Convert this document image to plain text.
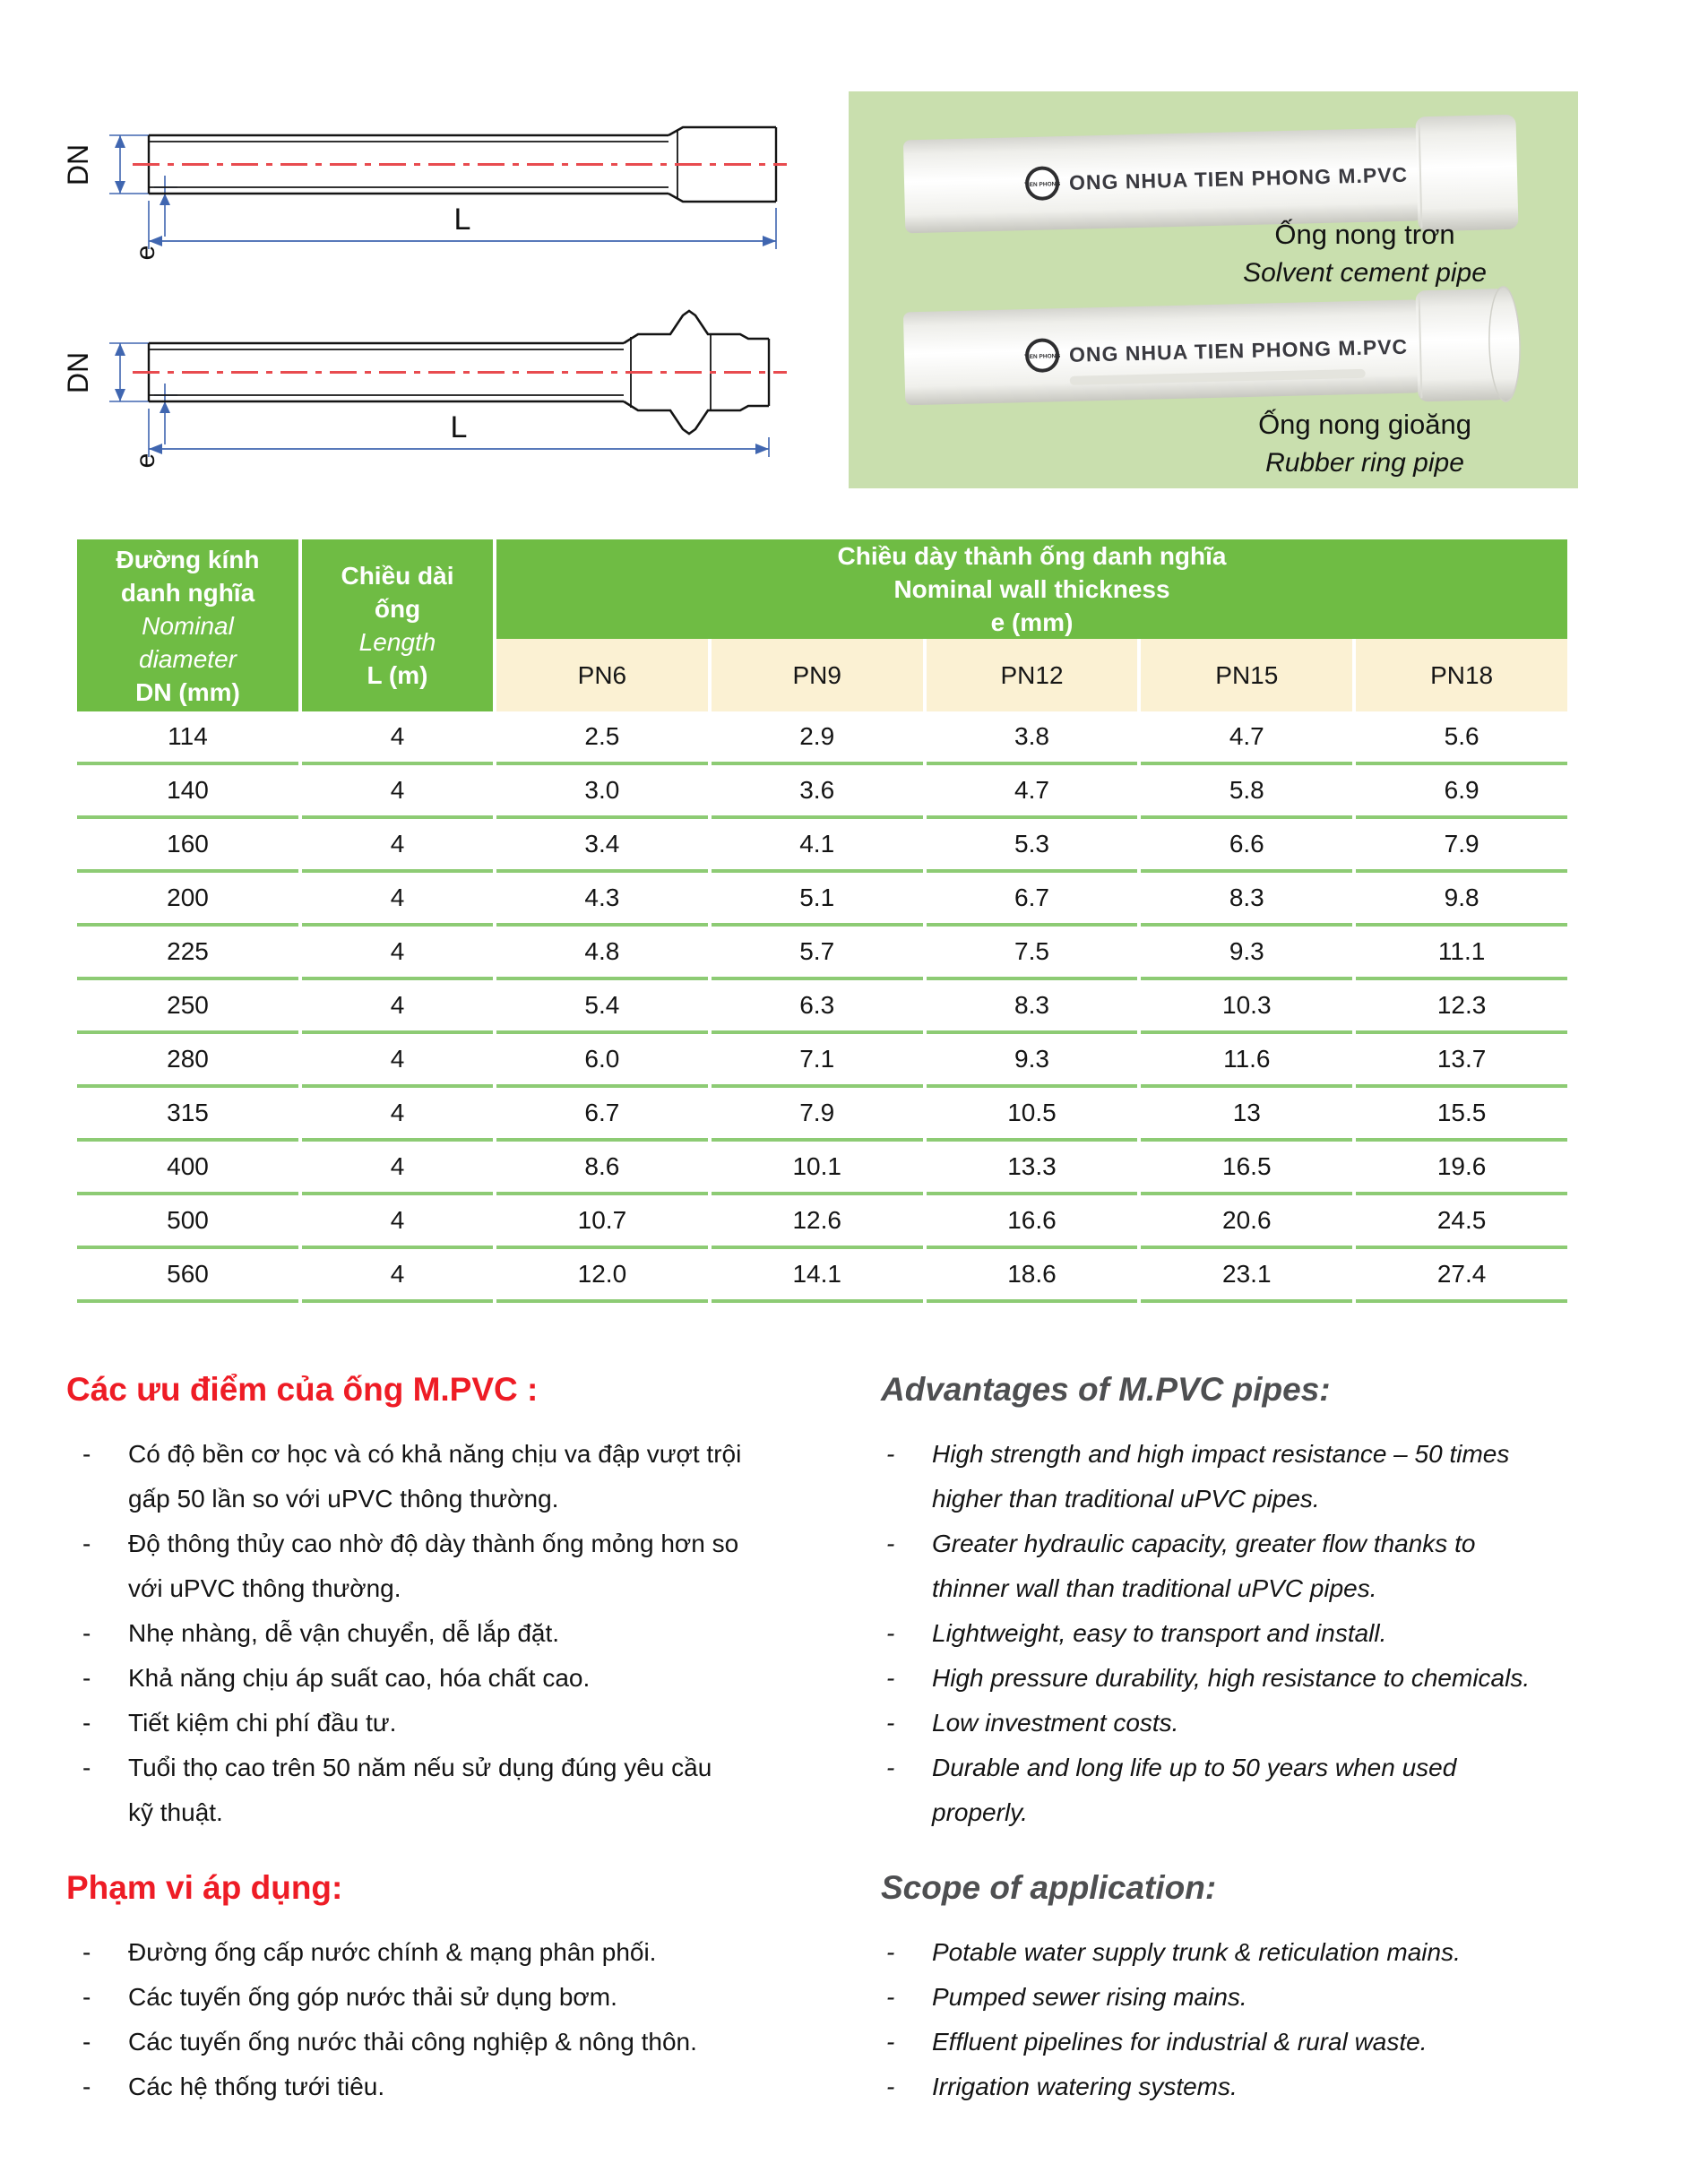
DN
e
L
DN
e
L
TIEN PHONG ONG NHUA TIEN PHONG M.PVC
Ống nong trơn
Solvent cement pipe
TIEN PHONG ONG NHUA TIEN PHONG M.PVC
Ống nong gioăng
Rubber ring pipe
Đường kính danh nghĩa
Nominal diameter
DN (mm)
Chiều dài ống
Length
L (m)
Chiều dày thành ống danh nghĩa
Nominal wall thickness
e (mm)
PN6	PN9	PN12	PN15	PN18
114	4	2.5	2.9	3.8	4.7	5.6
140	4	3.0	3.6	4.7	5.8	6.9
160	4	3.4	4.1	5.3	6.6	7.9
200	4	4.3	5.1	6.7	8.3	9.8
225	4	4.8	5.7	7.5	9.3	11.1
250	4	5.4	6.3	8.3	10.3	12.3
280	4	6.0	7.1	9.3	11.6	13.7
315	4	6.7	7.9	10.5	13	15.5
400	4	8.6	10.1	13.3	16.5	19.6
500	4	10.7	12.6	16.6	20.6	24.5
560	4	12.0	14.1	18.6	23.1	27.4
Các ưu điểm của ống M.PVC :
- Có độ bền cơ học và có khả năng chịu va đập vượt trội gấp 50 lần so với uPVC thông thường.
- Độ thông thủy cao nhờ độ dày thành ống mỏng hơn so với uPVC thông thường.
- Nhẹ nhàng, dễ vận chuyển, dễ lắp đặt.
- Khả năng chịu áp suất cao, hóa chất cao.
- Tiết kiệm chi phí đầu tư.
- Tuổi thọ cao trên 50 năm nếu sử dụng đúng yêu cầu kỹ thuật.
Phạm vi áp dụng:
- Đường ống cấp nước chính & mạng phân phối.
- Các tuyến ống góp nước thải sử dụng bơm.
- Các tuyến ống nước thải công nghiệp & nông thôn.
- Các hệ thống tưới tiêu.
Advantages of M.PVC pipes:
- High strength and high impact resistance – 50 times higher than traditional uPVC pipes.
- Greater hydraulic capacity, greater flow thanks to thinner wall than traditional uPVC pipes.
- Lightweight, easy to transport and install.
- High pressure durability, high resistance to chemicals.
- Low investment costs.
- Durable and long life up to 50 years when used properly.
Scope of application:
- Potable water supply trunk & reticulation mains.
- Pumped sewer rising mains.
- Effluent pipelines for industrial & rural waste.
- Irrigation watering systems.
